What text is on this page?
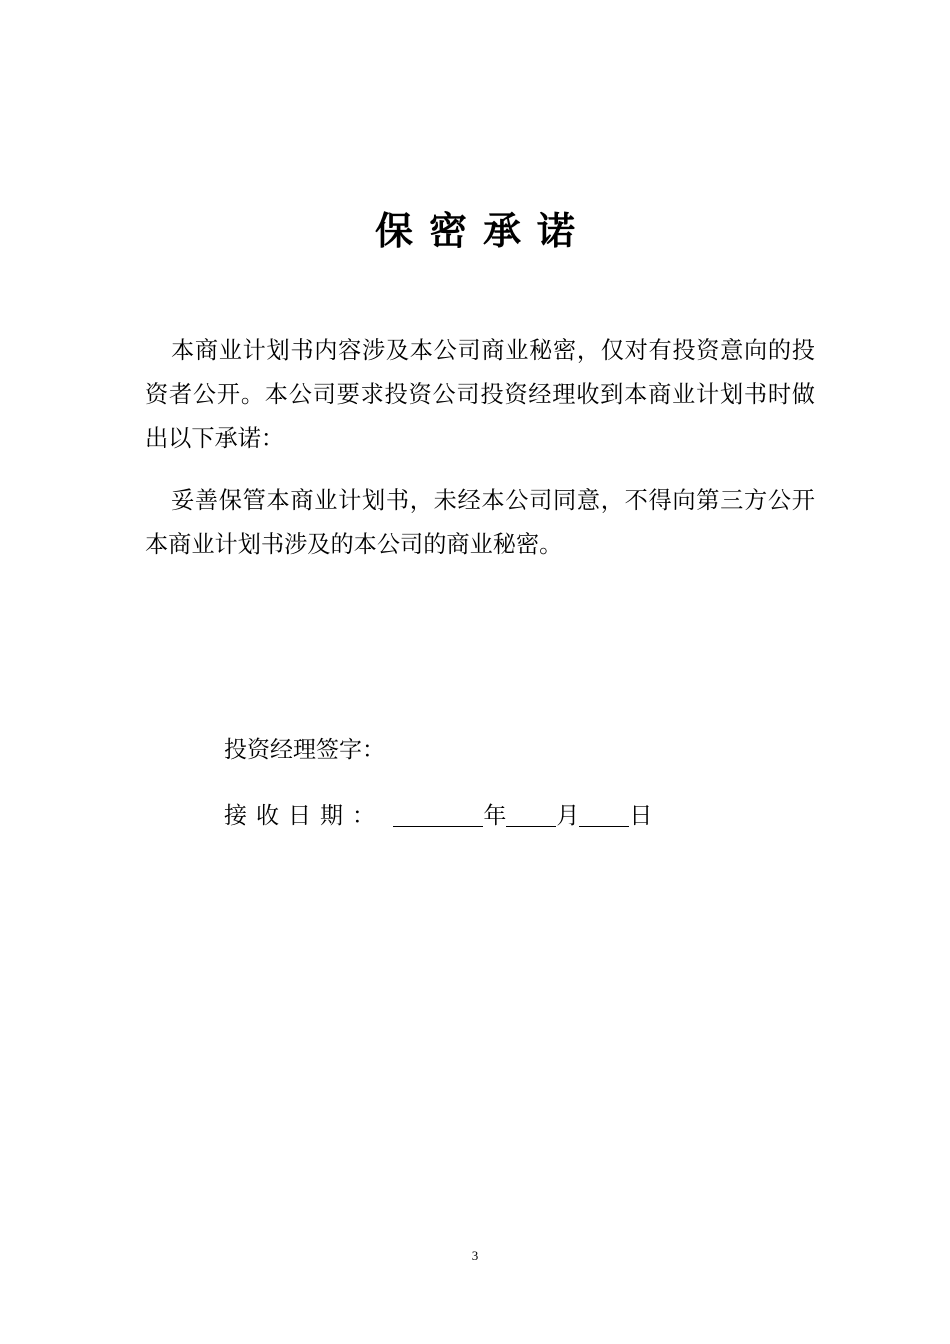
保密承诺

本商业计划书内容涉及本公司商业秘密，仅对有投资意向的投资者公开。本公司要求投资公司投资经理收到本商业计划书时做出以下承诺：

妥善保管本商业计划书，未经本公司同意，不得向第三方公开本商业计划书涉及的本公司的商业秘密。

投资经理签字：
接收日期：	年 月 日
3
